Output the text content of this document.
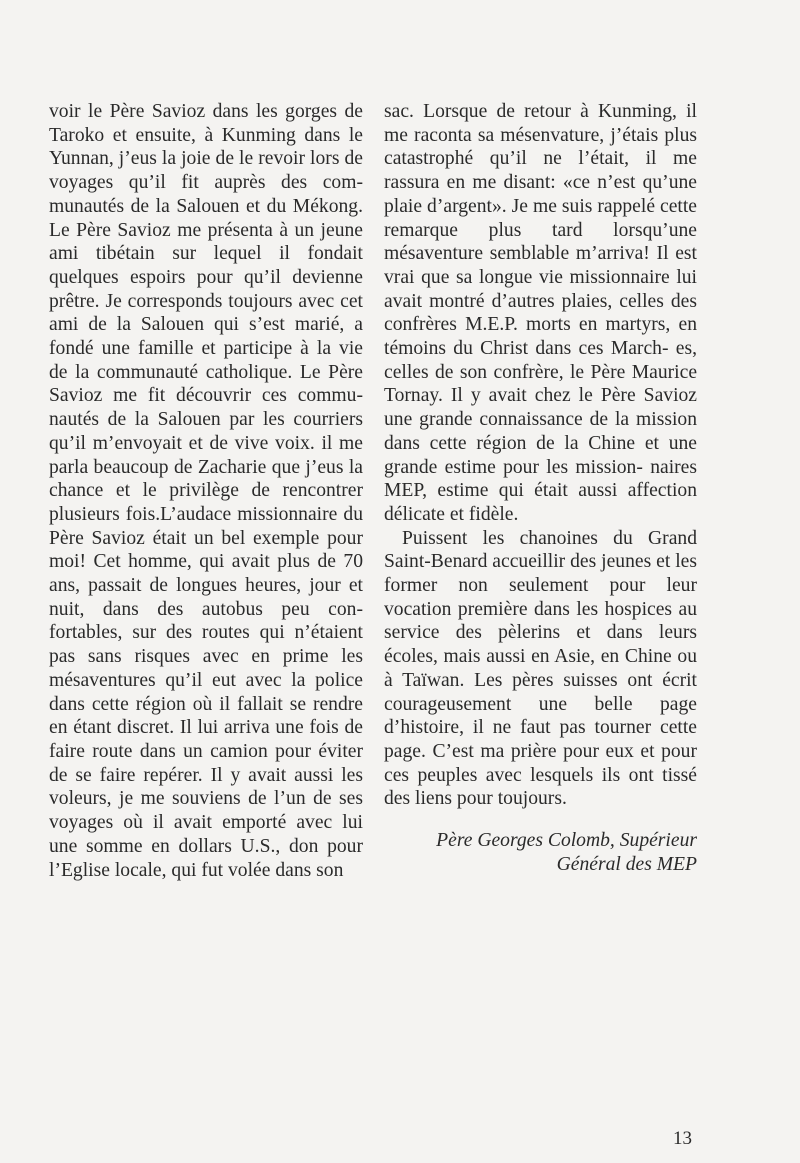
voir le Père Savioz dans les gorges de Taroko et ensuite, à Kunming dans le Yunnan, j’eus la joie de le revoir lors de voyages qu’il fit auprès des com- munautés de la Salouen et du Mékong. Le Père Savioz me présenta à un jeune ami tibétain sur lequel il fondait quelques espoirs pour qu’il devienne prêtre. Je corresponds toujours avec cet ami de la Salouen qui s’est marié, a fondé une famille et participe à la vie de la communauté catholique. Le Père Savioz me fit découvrir ces commu- nautés de la Salouen par les courriers qu’il m’envoyait et de vive voix. il me parla beaucoup de Zacharie que j’eus la chance et le privilège de rencontrer plusieurs fois.L’audace missionnaire du Père Savioz était un bel exemple pour moi! Cet homme, qui avait plus de 70 ans, passait de longues heures, jour et nuit, dans des autobus peu con- fortables, sur des routes qui n’étaient pas sans risques avec en prime les mésaventures qu’il eut avec la police dans cette région où il fallait se rendre en étant discret. Il lui arriva une fois de faire route dans un camion pour éviter de se faire repérer. Il y avait aussi les voleurs, je me souviens de l’un de ses voyages où il avait emporté avec lui une somme en dollars U.S., don pour l’Eglise locale, qui fut volée dans son

sac. Lorsque de retour à Kunming, il me raconta sa mésenvature, j’étais plus catastrophé qu’il ne l’était, il me rassura en me disant: «ce n’est qu’une plaie d’argent». Je me suis rappelé cette remarque plus tard lorsqu’une mésaventure semblable m’arriva! Il est vrai que sa longue vie missionnaire lui avait montré d’autres plaies, celles des confrères M.E.P. morts en martyrs, en témoins du Christ dans ces March- es, celles de son confrère, le Père Maurice Tornay. Il y avait chez le Père Savioz une grande connaissance de la mission dans cette région de la Chine et une grande estime pour les mission- naires MEP, estime qui était aussi affection délicate et fidèle.

Puissent les chanoines du Grand Saint-Benard accueillir des jeunes et les former non seulement pour leur vocation première dans les hospices au service des pèlerins et dans leurs écoles, mais aussi en Asie, en Chine ou à Taïwan. Les pères suisses ont écrit courageusement une belle page d’histoire, il ne faut pas tourner cette page. C’est ma prière pour eux et pour ces peuples avec lesquels ils ont tissé des liens pour toujours.

Père Georges Colomb, Supérieur
Général des MEP
13
